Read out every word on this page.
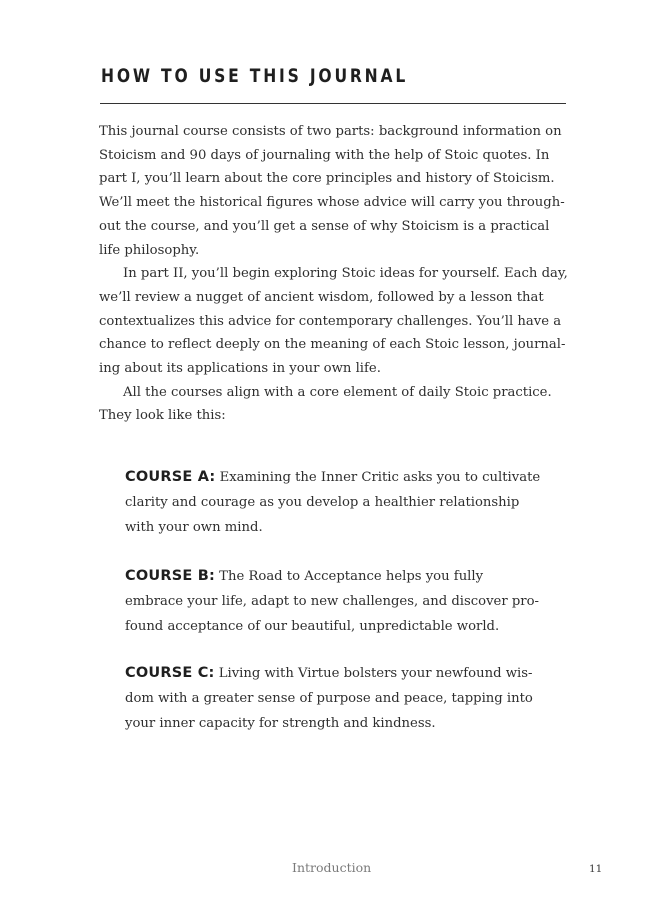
HOW TO USE THIS JOURNAL
This journal course consists of two parts: background information on
Stoicism and 90 days of journaling with the help of Stoic quotes. In
part I, you’ll learn about the core principles and history of Stoicism.
We’ll meet the historical figures whose advice will carry you through-
out the course, and you’ll get a sense of why Stoicism is a practical
life philosophy.
In part II, you’ll begin exploring Stoic ideas for yourself. Each day,
we’ll review a nugget of ancient wisdom, followed by a lesson that
contextualizes this advice for contemporary challenges. You’ll have a
chance to reflect deeply on the meaning of each Stoic lesson, journal-
ing about its applications in your own life.
All the courses align with a core element of daily Stoic practice.
They look like this:
COURSE A: Examining the Inner Critic asks you to cultivate
clarity and courage as you develop a healthier relationship
with your own mind.
COURSE B: The Road to Acceptance helps you fully
embrace your life, adapt to new challenges, and discover pro-
found acceptance of our beautiful, unpredictable world.
COURSE C: Living with Virtue bolsters your newfound wis-
dom with a greater sense of purpose and peace, tapping into
your inner capacity for strength and kindness.
Introduction	11
